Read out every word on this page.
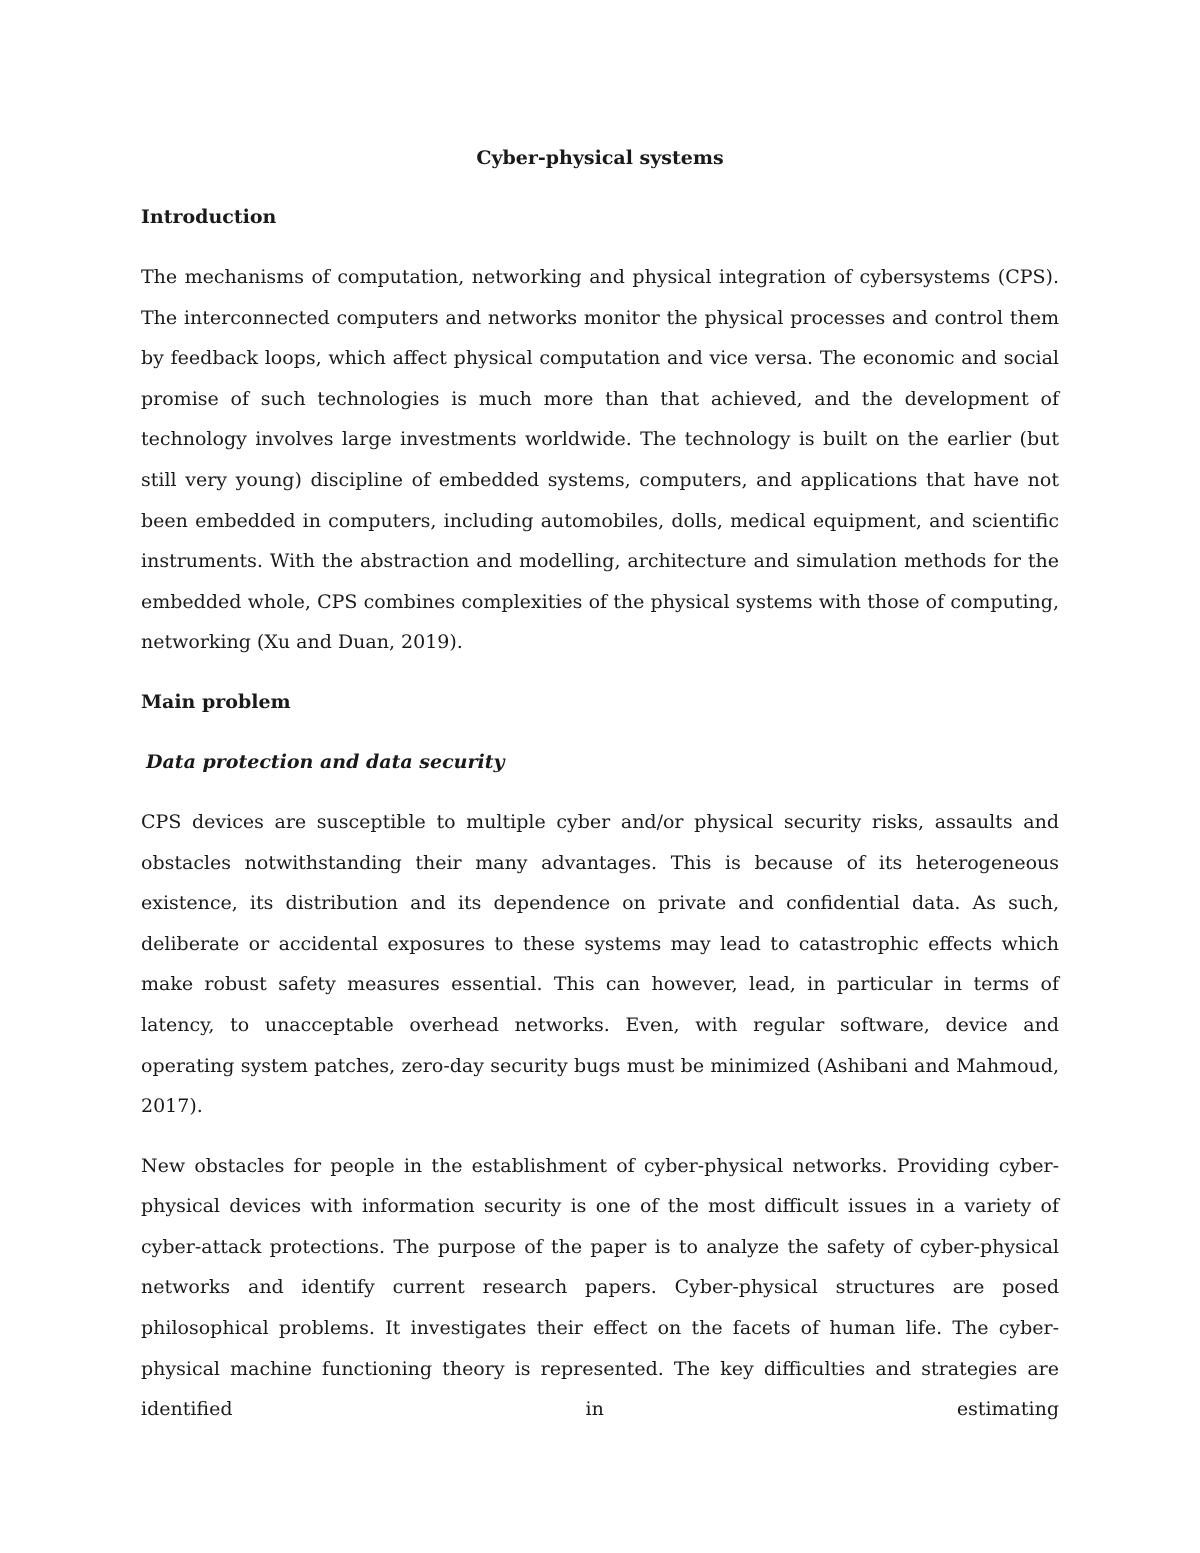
Cyber-physical systems
Introduction

The mechanisms of computation, networking and physical integration of cybersystems (CPS). The interconnected computers and networks monitor the physical processes and control them by feedback loops, which affect physical computation and vice versa. The economic and social promise of such technologies is much more than that achieved, and the development of technology involves large investments worldwide. The technology is built on the earlier (but still very young) discipline of embedded systems, computers, and applications that have not been embedded in computers, including automobiles, dolls, medical equipment, and scientific instruments. With the abstraction and modelling, architecture and simulation methods for the embedded whole, CPS combines complexities of the physical systems with those of computing, networking (Xu and Duan, 2019).

Main problem
Data protection and data security

CPS devices are susceptible to multiple cyber and/or physical security risks, assaults and obstacles notwithstanding their many advantages. This is because of its heterogeneous existence, its distribution and its dependence on private and confidential data. As such, deliberate or accidental exposures to these systems may lead to catastrophic effects which make robust safety measures essential. This can however, lead, in particular in terms of latency, to unacceptable overhead networks. Even, with regular software, device and operating system patches, zero-day security bugs must be minimized (Ashibani and Mahmoud, 2017).

New obstacles for people in the establishment of cyber-physical networks. Providing cyber-physical devices with information security is one of the most difficult issues in a variety of cyber-attack protections. The purpose of the paper is to analyze the safety of cyber-physical networks and identify current research papers. Cyber-physical structures are posed philosophical problems. It investigates their effect on the facets of human life. The cyber-physical machine functioning theory is represented. The key difficulties and strategies are identified in estimating
